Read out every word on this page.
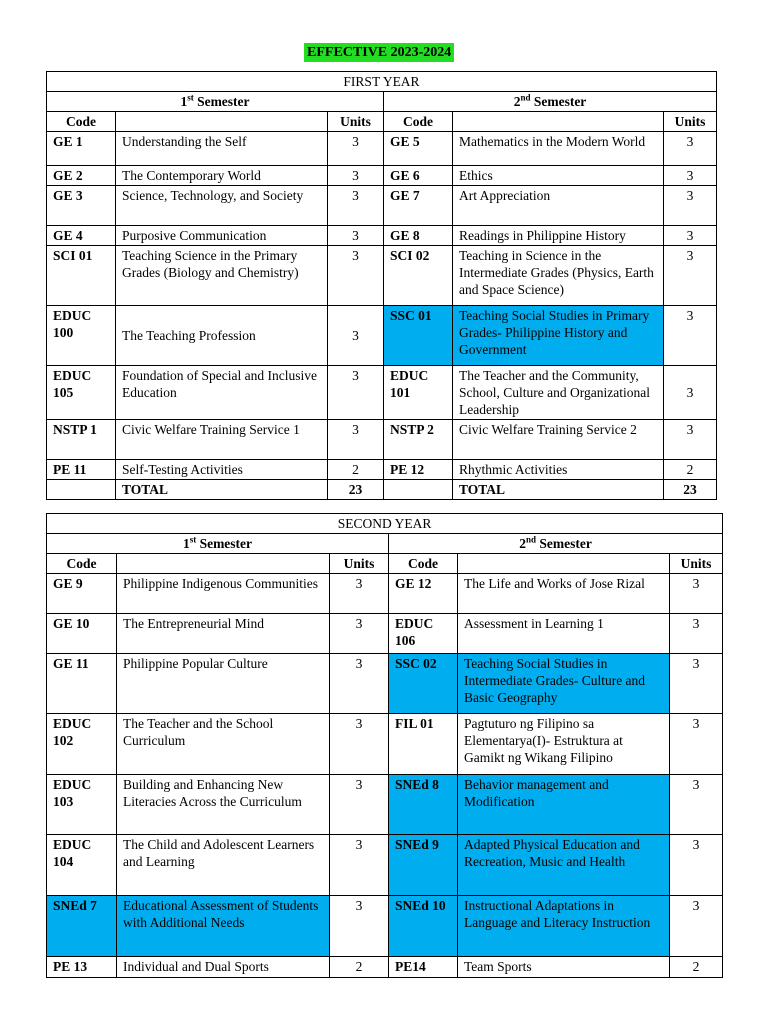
EFFECTIVE 2023-2024
FIRST YEAR					
1st Semester			2nd Semester		
Code		Units	Code		Units
GE 1	Understanding the Self	3	GE 5	Mathematics in the Modern World	3
GE 2	The Contemporary World	3	GE 6	Ethics	3
GE 3	Science, Technology, and Society	3	GE 7	Art Appreciation	3
GE 4	Purposive Communication	3	GE 8	Readings in Philippine History	3
SCI 01	Teaching Science in the Primary Grades (Biology and Chemistry)	3	SCI 02	Teaching in Science in the Intermediate Grades (Physics, Earth and Space Science)	3
EDUC 100	The Teaching Profession	3	SSC 01	Teaching Social Studies in Primary Grades- Philippine History and Government	3
EDUC 105	Foundation of Special and Inclusive Education	3	EDUC 101	The Teacher and the Community, School, Culture and Organizational Leadership	3
NSTP 1	Civic Welfare Training Service 1	3	NSTP 2	Civic Welfare Training Service 2	3
PE 11	Self-Testing Activities	2	PE 12	Rhythmic Activities	2
	TOTAL	23		TOTAL	23
SECOND YEAR					
1st Semester			2nd Semester		
Code		Units	Code		Units
GE 9	Philippine Indigenous Communities	3	GE 12	The Life and Works of Jose Rizal	3
GE 10	The Entrepreneurial Mind	3	EDUC 106	Assessment in Learning 1	3
GE 11	Philippine Popular Culture	3	SSC 02	Teaching Social Studies in Intermediate Grades- Culture and Basic Geography	3
EDUC 102	The Teacher and the School Curriculum	3	FIL 01	Pagtuturo ng Filipino sa Elementarya(I)- Estruktura at Gamikt ng Wikang Filipino	3
EDUC 103	Building and Enhancing New Literacies Across the Curriculum	3	SNEd 8	Behavior management and Modification	3
EDUC 104	The Child and Adolescent Learners and Learning	3	SNEd 9	Adapted Physical Education and Recreation, Music and Health	3
SNEd 7	Educational Assessment of Students with Additional Needs	3	SNEd 10	Instructional Adaptations in Language and Literacy Instruction	3
PE 13	Individual and Dual Sports	2	PE14	Team Sports	2
